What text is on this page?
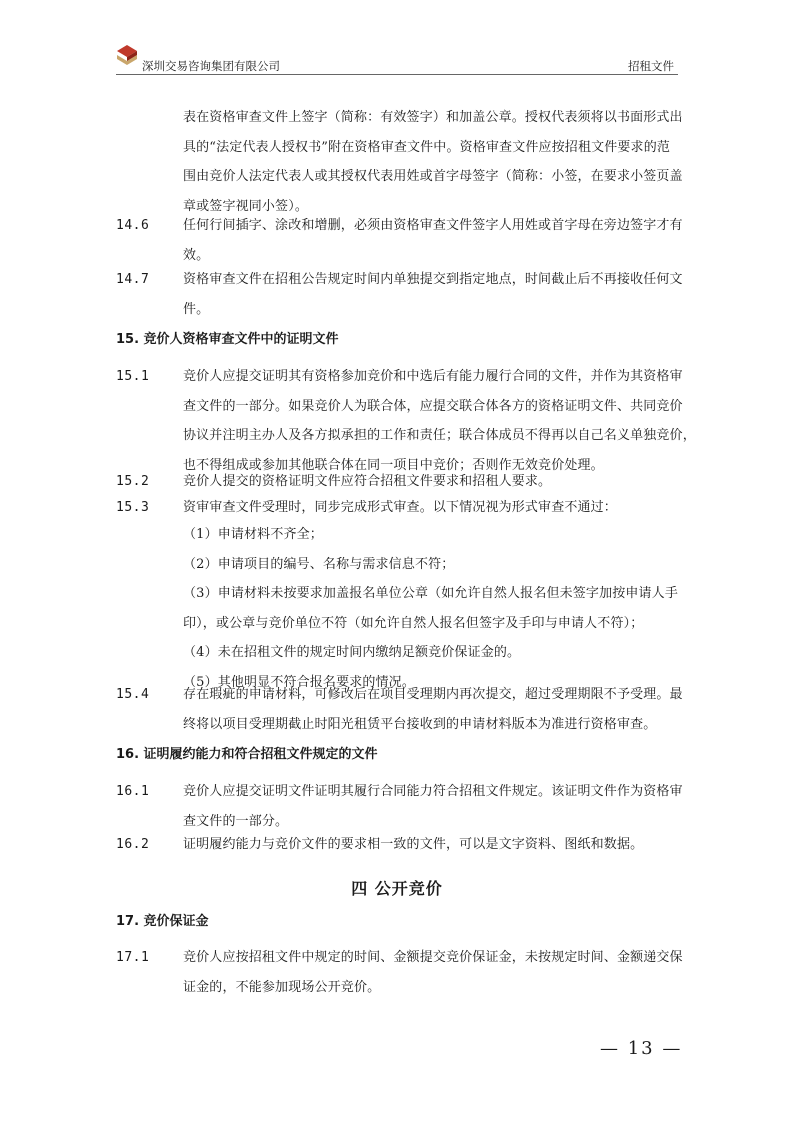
深圳交易咨询集团有限公司	招租文件
表在资格审查文件上签字（简称：有效签字）和加盖公章。授权代表须将以书面形式出
具的“法定代表人授权书”附在资格审查文件中。资格审查文件应按招租文件要求的范
围由竞价人法定代表人或其授权代表用姓或首字母签字（简称：小签，在要求小签页盖
章或签字视同小签）。
14.6	任何行间插字、涂改和增删，必须由资格审查文件签字人用姓或首字母在旁边签字才有
效。
14.7	资格审查文件在招租公告规定时间内单独提交到指定地点，时间截止后不再接收任何文
件。
15. 竞价人资格审查文件中的证明文件
15.1	竞价人应提交证明其有资格参加竞价和中选后有能力履行合同的文件，并作为其资格审
查文件的一部分。如果竞价人为联合体，应提交联合体各方的资格证明文件、共同竞价
协议并注明主办人及各方拟承担的工作和责任；联合体成员不得再以自己名义单独竞价，
也不得组成或参加其他联合体在同一项目中竞价；否则作无效竞价处理。
15.2	竞价人提交的资格证明文件应符合招租文件要求和招租人要求。
15.3	资审审查文件受理时，同步完成形式审查。以下情况视为形式审查不通过：
（1）申请材料不齐全；
（2）申请项目的编号、名称与需求信息不符；
（3）申请材料未按要求加盖报名单位公章（如允许自然人报名但未签字加按申请人手
印），或公章与竞价单位不符（如允许自然人报名但签字及手印与申请人不符）；
（4）未在招租文件的规定时间内缴纳足额竞价保证金的。
（5）其他明显不符合报名要求的情况。
15.4	存在瑕疵的申请材料，可修改后在项目受理期内再次提交，超过受理期限不予受理。最
终将以项目受理期截止时阳光租赁平台接收到的申请材料版本为准进行资格审查。
16. 证明履约能力和符合招租文件规定的文件
16.1	竞价人应提交证明文件证明其履行合同能力符合招租文件规定。该证明文件作为资格审
查文件的一部分。
16.2	证明履约能力与竞价文件的要求相一致的文件，可以是文字资料、图纸和数据。
四 公开竞价
17. 竞价保证金
17.1	竞价人应按招租文件中规定的时间、金额提交竞价保证金，未按规定时间、金额递交保
证金的，不能参加现场公开竞价。
— 13 —
